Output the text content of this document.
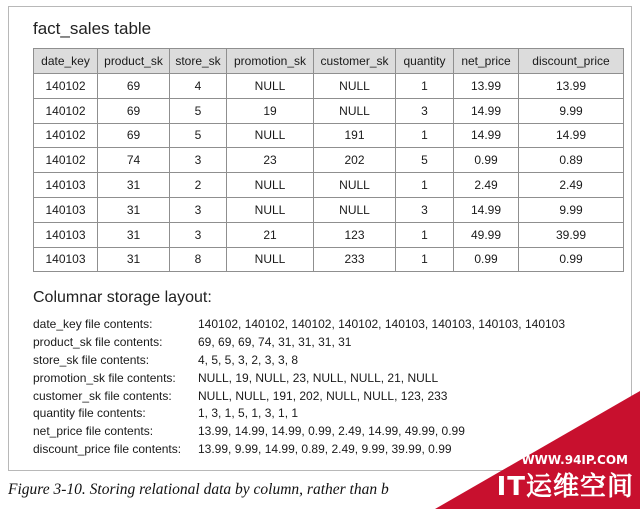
fact_sales table
date_key	product_sk	store_sk	promotion_sk	customer_sk	quantity	net_price	discount_price
140102	69	4	NULL	NULL	1	13.99	13.99
140102	69	5	19	NULL	3	14.99	9.99
140102	69	5	NULL	191	1	14.99	14.99
140102	74	3	23	202	5	0.99	0.89
140103	31	2	NULL	NULL	1	2.49	2.49
140103	31	3	NULL	NULL	3	14.99	9.99
140103	31	3	21	123	1	49.99	39.99
140103	31	8	NULL	233	1	0.99	0.99
Columnar storage layout:
date_key file contents:	140102, 140102, 140102, 140102, 140103, 140103, 140103, 140103
product_sk file contents:	69, 69, 69, 74, 31, 31, 31, 31
store_sk file contents:	4, 5, 5, 3, 2, 3, 3, 8
promotion_sk file contents: NULL, 19, NULL, 23, NULL, NULL, 21, NULL
customer_sk file contents: NULL, NULL, 191, 202, NULL, NULL, 123, 233
quantity file contents:	1, 3, 1, 5, 1, 3, 1, 1
net_price file contents:	13.99, 14.99, 14.99, 0.99, 2.49, 14.99, 49.99, 0.99
discount_price file contents: 13.99, 9.99, 14.99, 0.89, 2.49, 9.99, 39.99, 0.99
Figure 3-10. Storing relational data by column, rather than b
WWW.94IP.COM
IT运维空间
